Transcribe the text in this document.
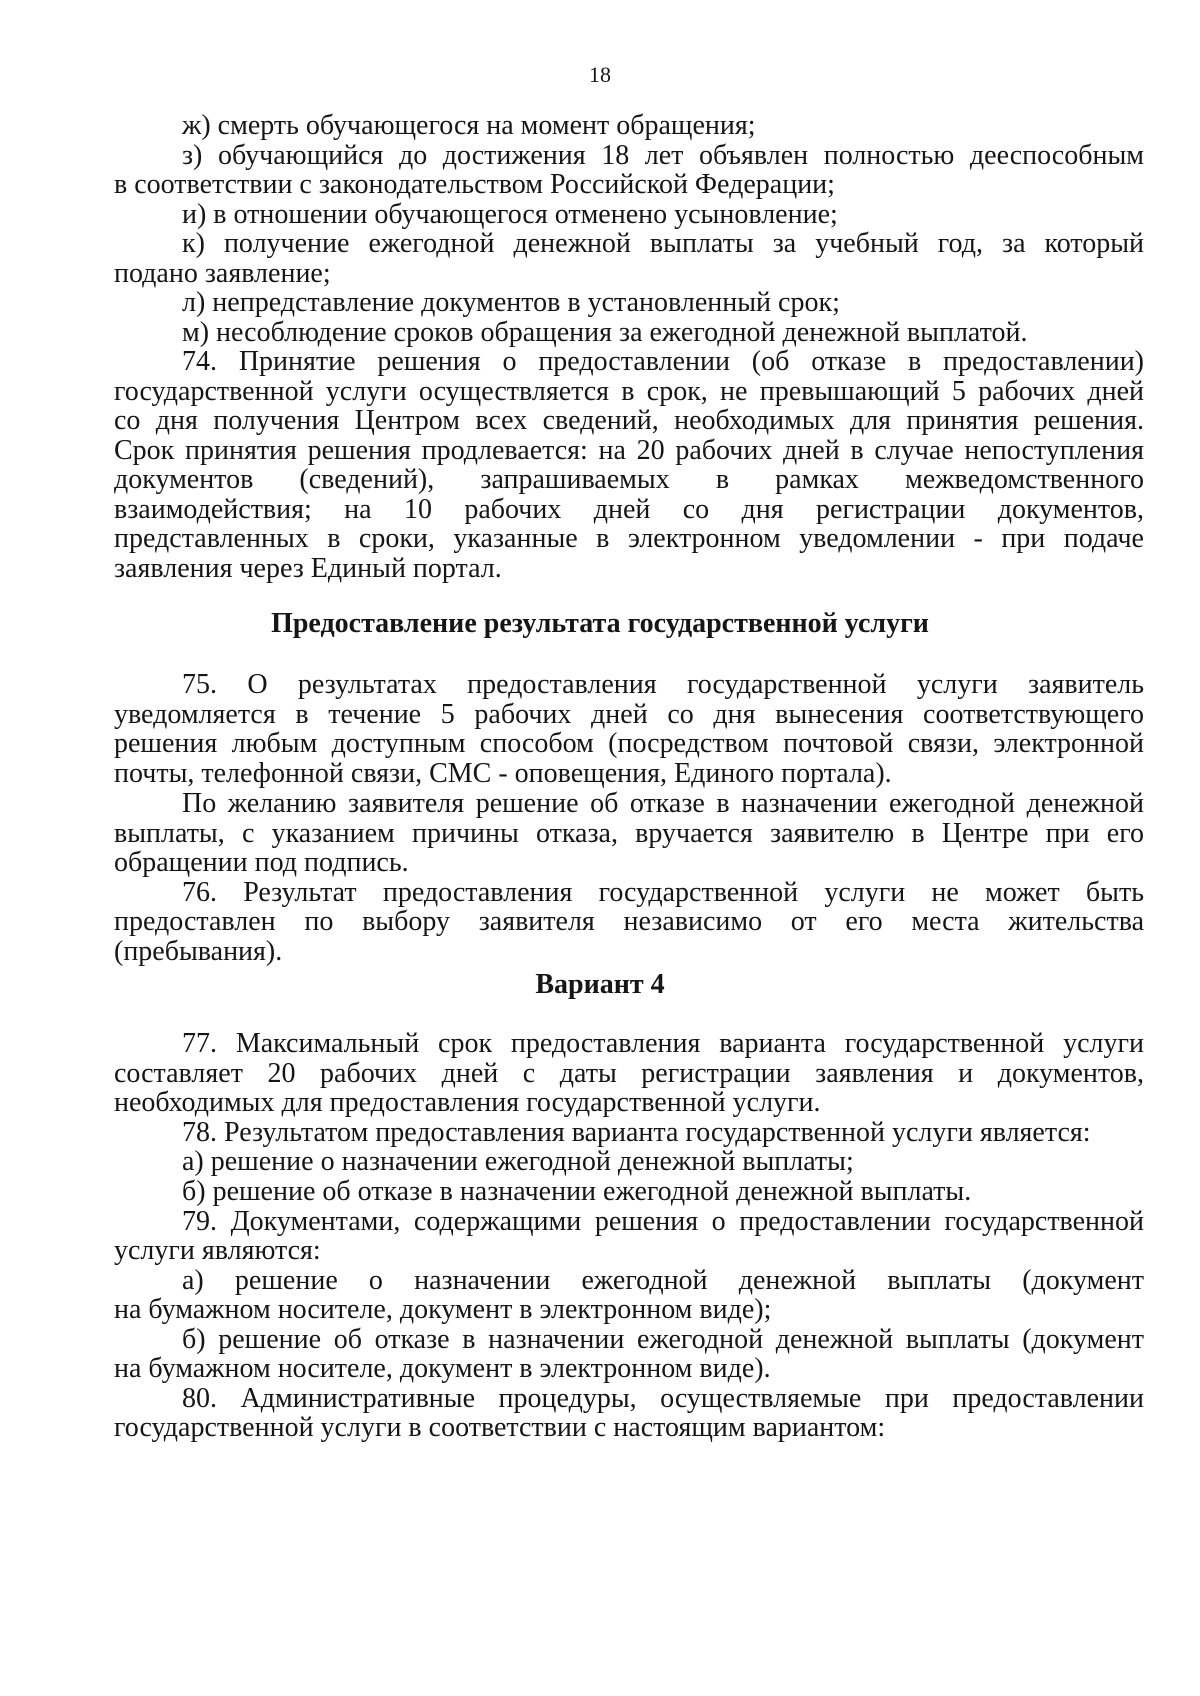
18
ж) смерть обучающегося на момент обращения;
з) обучающийся до достижения 18 лет объявлен полностью дееспособным
в соответствии с законодательством Российской Федерации;
и) в отношении обучающегося отменено усыновление;
к) получение ежегодной денежной выплаты за учебный год, за который
подано заявление;
л) непредставление документов в установленный срок;
м) несоблюдение сроков обращения за ежегодной денежной выплатой.
74. Принятие решения о предоставлении (об отказе в предоставлении)
государственной услуги осуществляется в срок, не превышающий 5 рабочих дней
со дня получения Центром всех сведений, необходимых для принятия решения.
Срок принятия решения продлевается: на 20 рабочих дней в случае непоступления
документов (сведений), запрашиваемых в рамках межведомственного
взаимодействия; на 10 рабочих дней со дня регистрации документов,
представленных в сроки, указанные в электронном уведомлении - при подаче
заявления через Единый портал.
Предоставление результата государственной услуги
75. О результатах предоставления государственной услуги заявитель
уведомляется в течение 5 рабочих дней со дня вынесения соответствующего
решения любым доступным способом (посредством почтовой связи, электронной
почты, телефонной связи, СМС - оповещения, Единого портала).
По желанию заявителя решение об отказе в назначении ежегодной денежной
выплаты, с указанием причины отказа, вручается заявителю в Центре при его
обращении под подпись.
76. Результат предоставления государственной услуги не может быть
предоставлен по выбору заявителя независимо от его места жительства
(пребывания).
Вариант 4
77. Максимальный срок предоставления варианта государственной услуги
составляет 20 рабочих дней с даты регистрации заявления и документов,
необходимых для предоставления государственной услуги.
78. Результатом предоставления варианта государственной услуги является:
а) решение о назначении ежегодной денежной выплаты;
б) решение об отказе в назначении ежегодной денежной выплаты.
79. Документами, содержащими решения о предоставлении государственной
услуги являются:
а) решение о назначении ежегодной денежной выплаты (документ
на бумажном носителе, документ в электронном виде);
б) решение об отказе в назначении ежегодной денежной выплаты (документ
на бумажном носителе, документ в электронном виде).
80. Административные процедуры, осуществляемые при предоставлении
государственной услуги в соответствии с настоящим вариантом:
